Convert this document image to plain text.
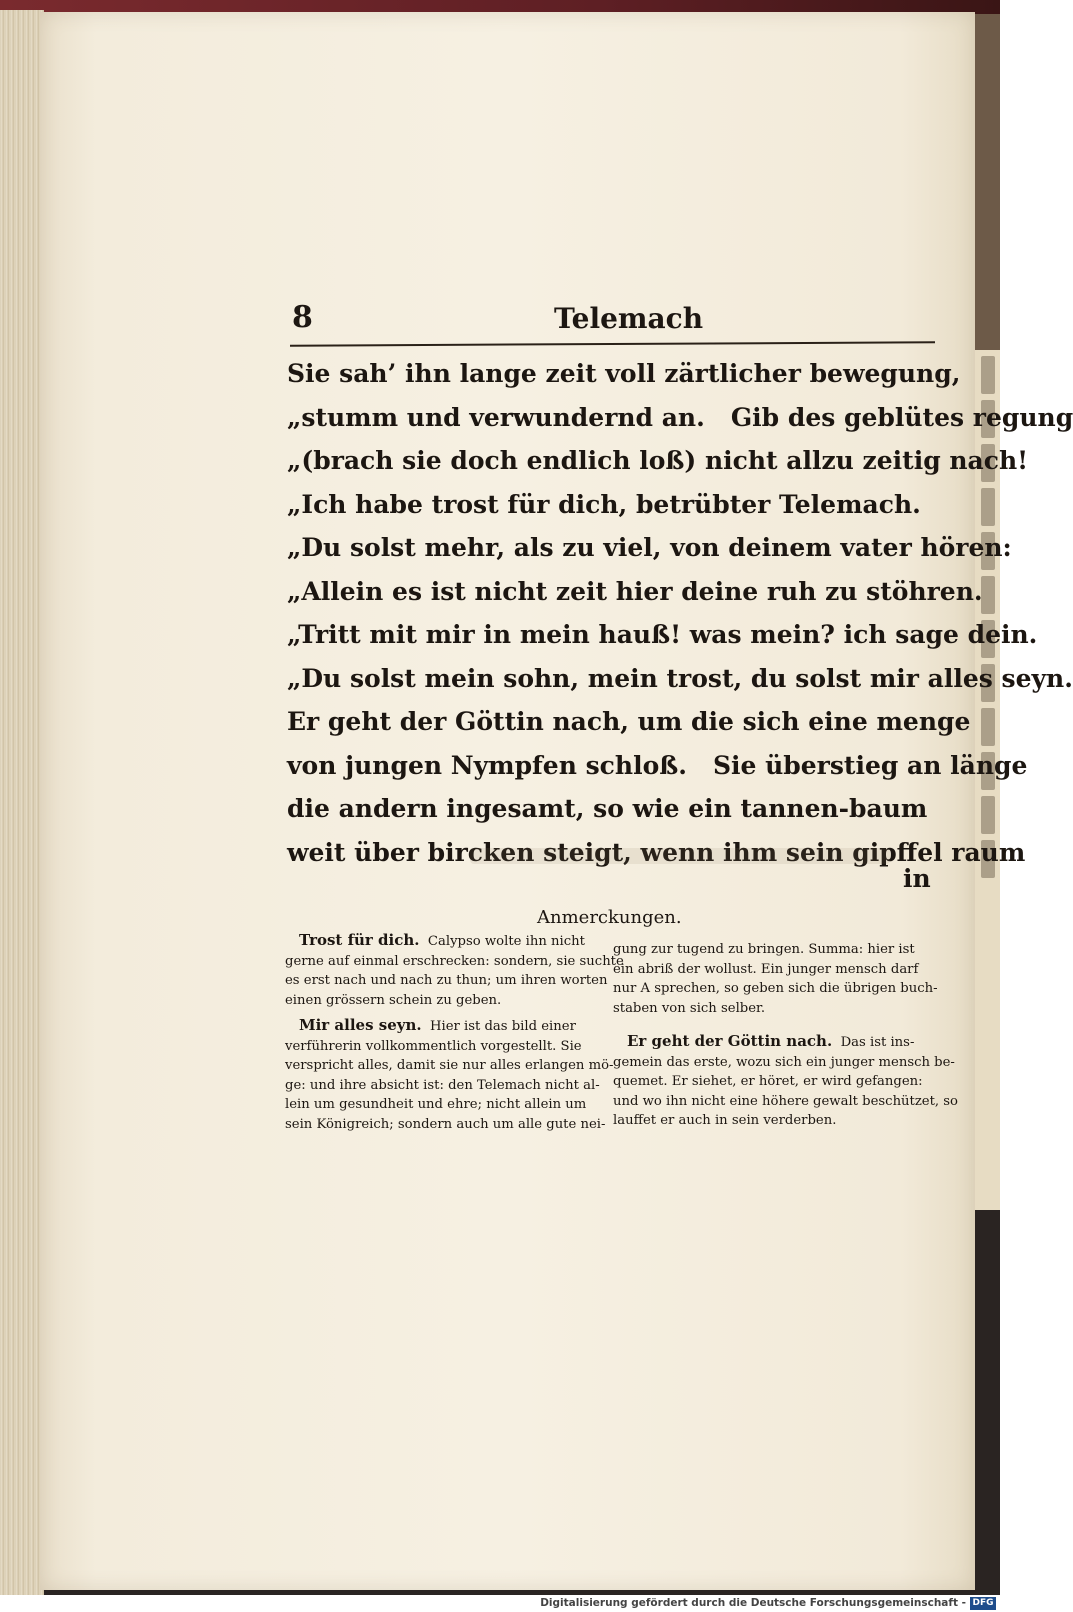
8	Telemach
Sie sah’ ihn lange zeit voll zärtlicher bewegung,
„stumm und verwundernd an. Gib des geblütes regung
„(brach sie doch endlich loß) nicht allzu zeitig nach!
„Ich habe trost für dich, betrübter Telemach.
„Du solst mehr, als zu viel, von deinem vater hören:
„Allein es ist nicht zeit hier deine ruh zu stöhren.
„Tritt mit mir in mein hauß! was mein? ich sage dein.
„Du solst mein sohn, mein trost, du solst mir alles seyn.
Er geht der Göttin nach, um die sich eine menge
von jungen Nympfen schloß. Sie überstieg an länge
die andern ingesamt, so wie ein tannen-baum
weit über bircken steigt, wenn ihm sein gipffel raum
in
Anmerckungen.
Trost für dich. Calypso wolte ihn nicht
gerne auf einmal erschrecken: sondern, sie suchte
es erst nach und nach zu thun; um ihren worten
einen grössern schein zu geben.
Mir alles seyn. Hier ist das bild einer
verführerin vollkommentlich vorgestellt. Sie
verspricht alles, damit sie nur alles erlangen mö-
ge: und ihre absicht ist: den Telemach nicht al-
lein um gesundheit und ehre; nicht allein um
sein Königreich; sondern auch um alle gute nei-
gung zur tugend zu bringen. Summa: hier ist
ein abriß der wollust. Ein junger mensch darf
nur A sprechen, so geben sich die übrigen buch-
staben von sich selber.
Er geht der Göttin nach. Das ist ins-
gemein das erste, wozu sich ein junger mensch be-
quemet. Er siehet, er höret, er wird gefangen:
und wo ihn nicht eine höhere gewalt beschützet, so
lauffet er auch in sein verderben.
Digitalisierung gefördert durch die Deutsche Forschungsgemeinschaft - DFG
